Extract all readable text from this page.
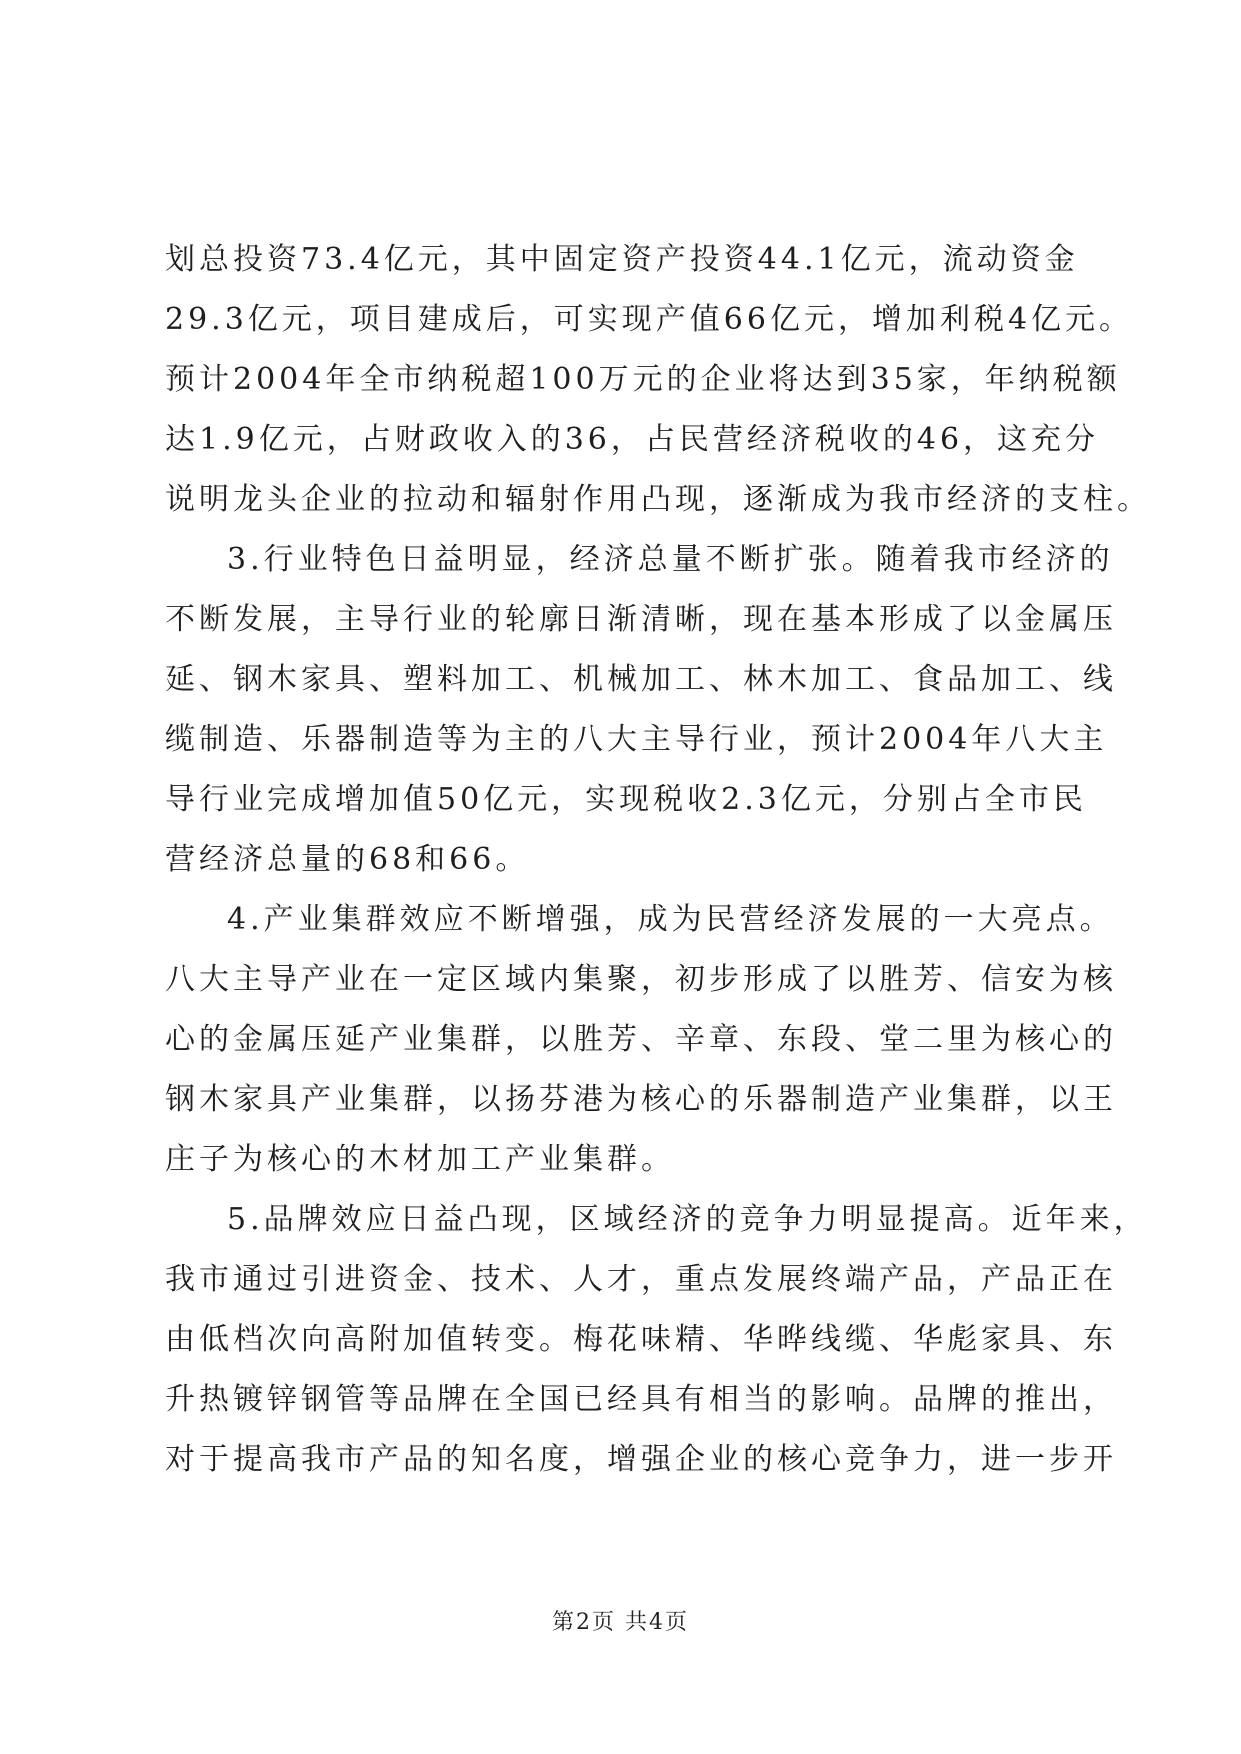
划总投资73.4亿元，其中固定资产投资44.1亿元，流动资金
29.3亿元，项目建成后，可实现产值66亿元，增加利税4亿元。
预计2004年全市纳税超100万元的企业将达到35家，年纳税额
达1.9亿元，占财政收入的36，占民营经济税收的46，这充分
说明龙头企业的拉动和辐射作用凸现，逐渐成为我市经济的支柱。
3.行业特色日益明显，经济总量不断扩张。随着我市经济的
不断发展，主导行业的轮廓日渐清晰，现在基本形成了以金属压
延、钢木家具、塑料加工、机械加工、林木加工、食品加工、线
缆制造、乐器制造等为主的八大主导行业，预计2004年八大主
导行业完成增加值50亿元，实现税收2.3亿元，分别占全市民
营经济总量的68和66。
4.产业集群效应不断增强，成为民营经济发展的一大亮点。
八大主导产业在一定区域内集聚，初步形成了以胜芳、信安为核
心的金属压延产业集群，以胜芳、辛章、东段、堂二里为核心的
钢木家具产业集群，以扬芬港为核心的乐器制造产业集群，以王
庄子为核心的木材加工产业集群。
5.品牌效应日益凸现，区域经济的竞争力明显提高。近年来，
我市通过引进资金、技术、人才，重点发展终端产品，产品正在
由低档次向高附加值转变。梅花味精、华晔线缆、华彪家具、东
升热镀锌钢管等品牌在全国已经具有相当的影响。品牌的推出，
对于提高我市产品的知名度，增强企业的核心竞争力，进一步开
第2页 共4页
